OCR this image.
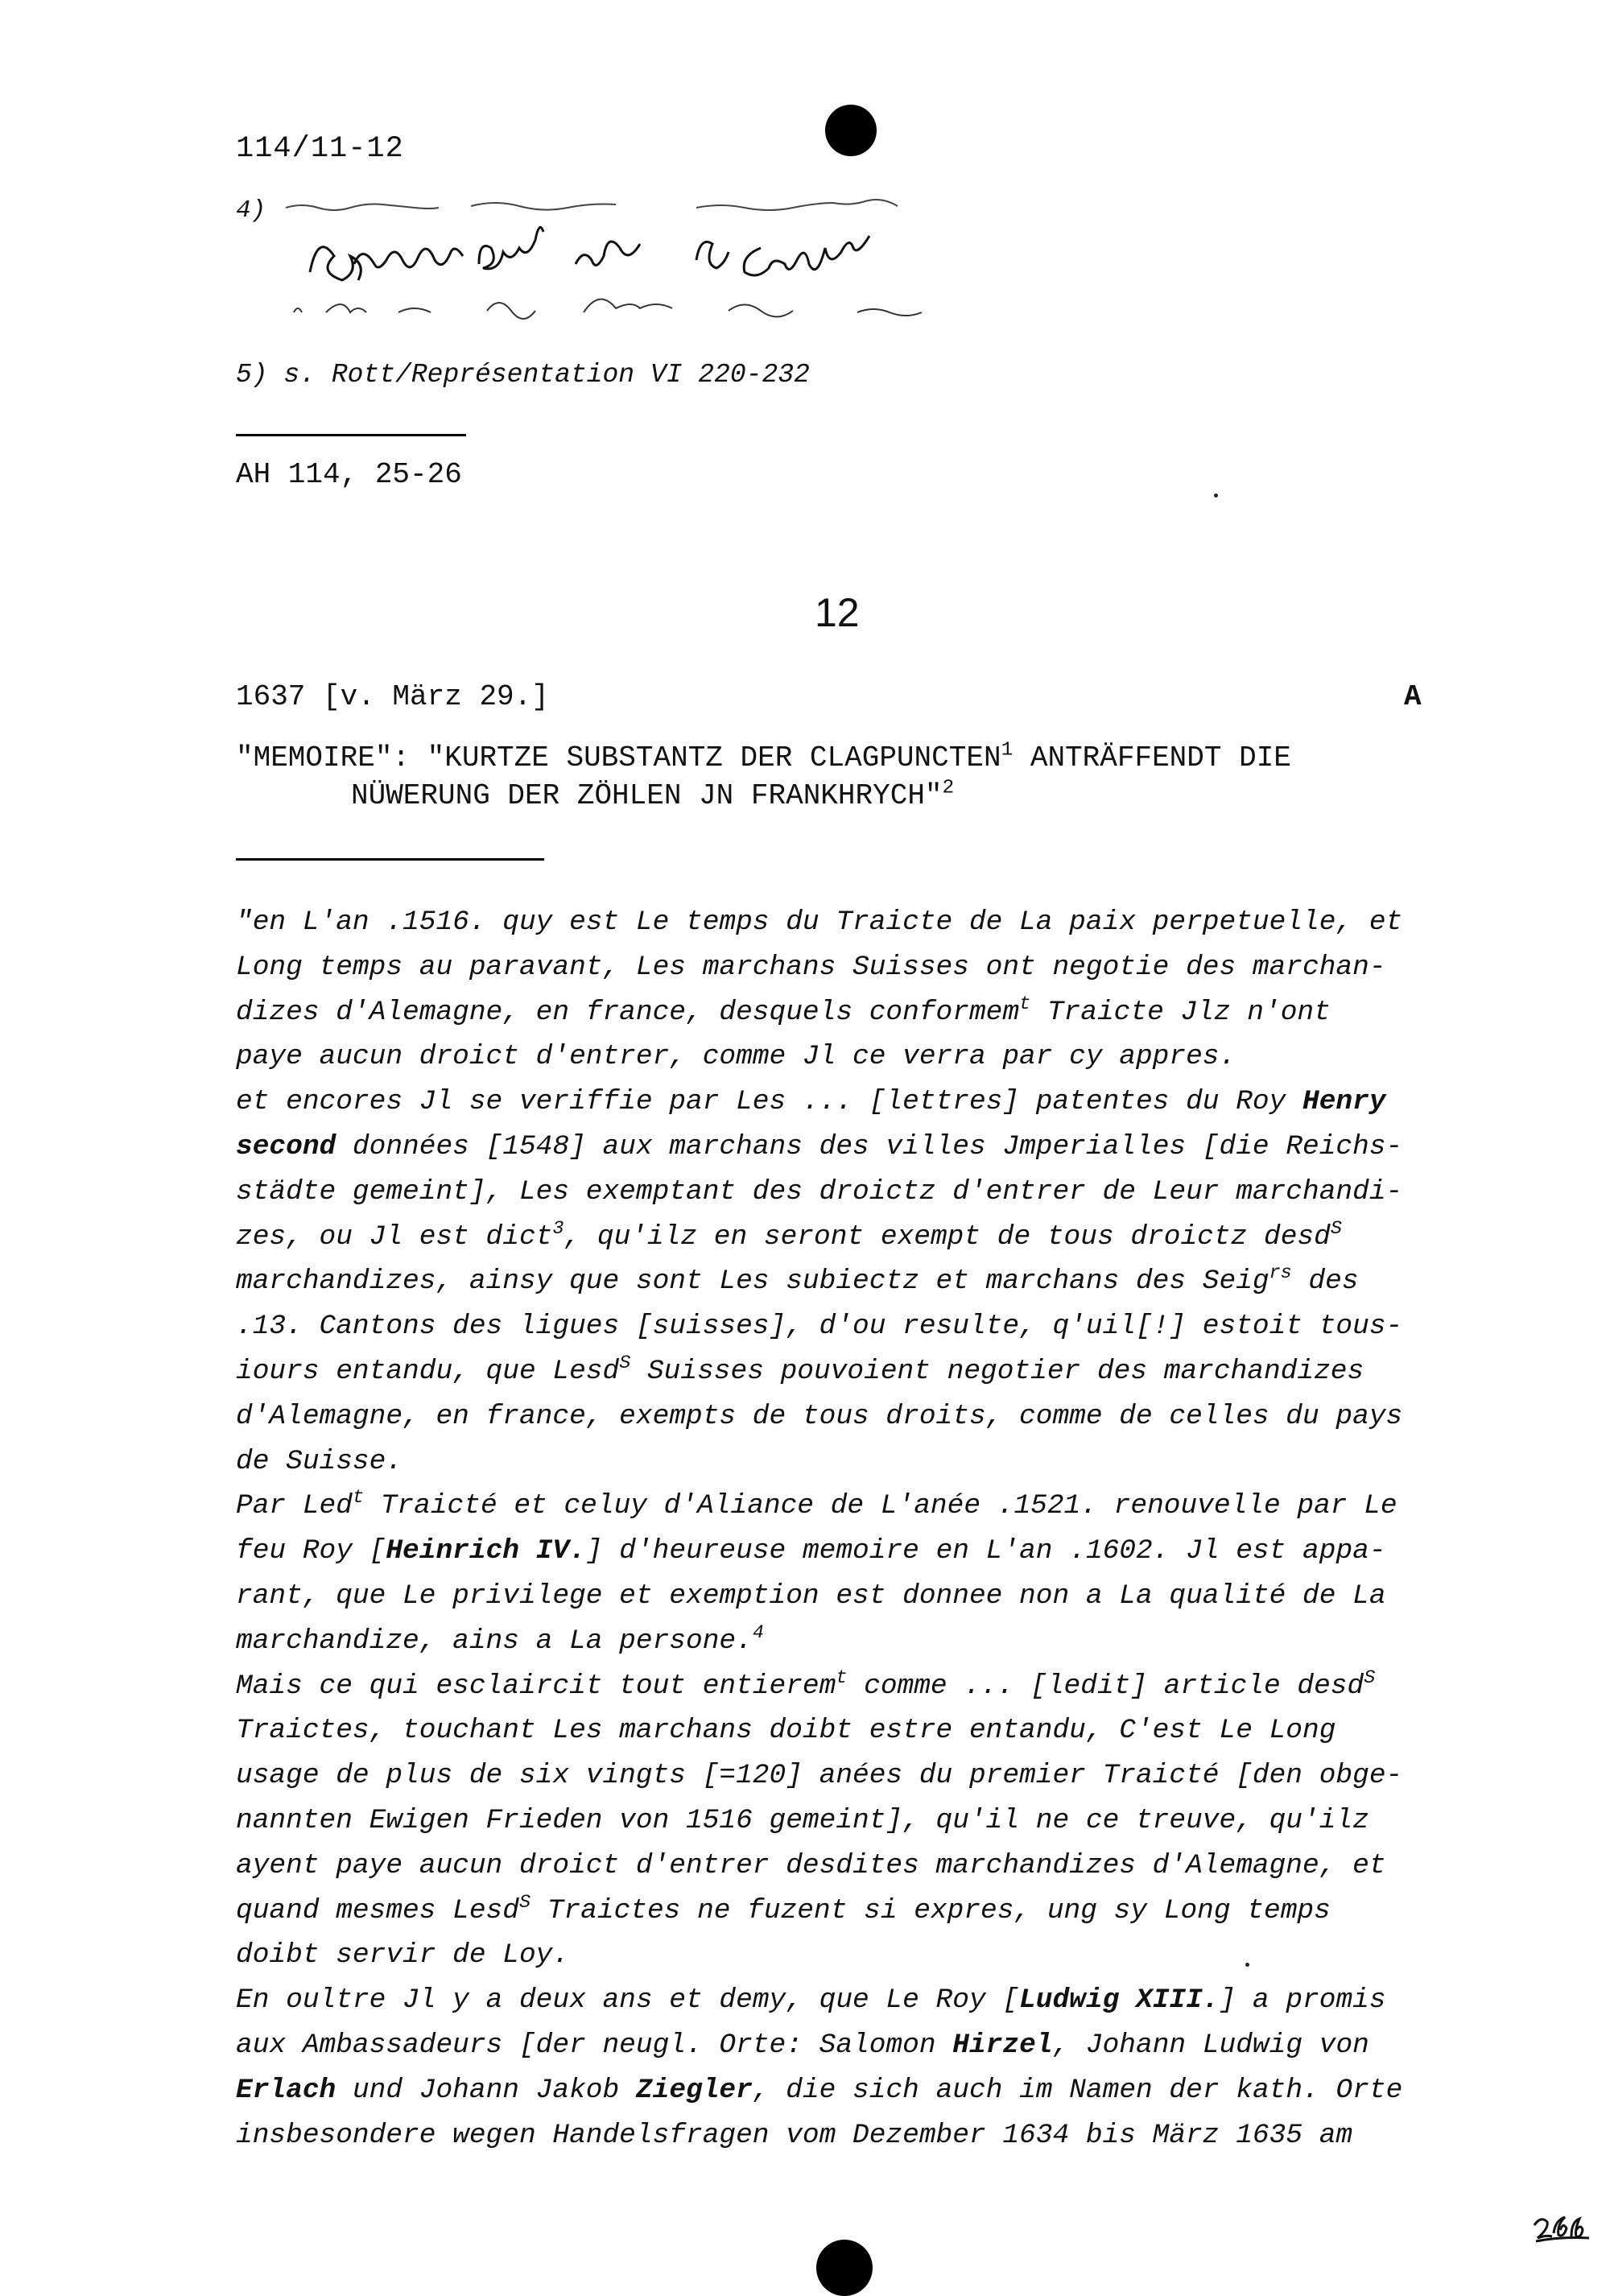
114/11-12
4)
5) s. Rott/Représentation VI 220-232
AH 114, 25-26
12
1637 [v. März 29.]	A
"MEMOIRE": "KURTZE SUBSTANTZ DER CLAGPUNCTEN$^1$ ANTRÄFFENDT DIE
NÜWERUNG DER ZÖHLEN JN FRANKHRYCH"$^2$
"en L'an .1516. quy est Le temps du Traicte de La paix perpetuelle, et
Long temps au paravant, Les marchans Suisses ont negotie des marchan-
dizes d'Alemagne, en france, desquels conformem$^t$ Traicte Jlz n'ont
paye aucun droict d'entrer, comme Jl ce verra par cy appres.
et encores Jl se veriffie par Les ... [lettres] patentes du Roy Henry
second données [1548] aux marchans des villes Jmperialles [die Reichs-
städte gemeint], Les exemptant des droictz d'entrer de Leur marchandi-
zes, ou Jl est dict$^3$, qu'ilz en seront exempt de tous droictz desd$^S$
marchandizes, ainsy que sont Les subiectz et marchans des Seig$^{rs}$ des
.13. Cantons des ligues [suisses], d'ou resulte, q'uil[!] estoit tous-
iours entandu, que Lesd$^S$ Suisses pouvoient negotier des marchandizes
d'Alemagne, en france, exempts de tous droits, comme de celles du pays
de Suisse.
Par Led$^t$ Traicté et celuy d'Aliance de L'anée .1521. renouvelle par Le
feu Roy [Heinrich IV.] d'heureuse memoire en L'an .1602. Jl est appa-
rant, que Le privilege et exemption est donnee non a La qualité de La
marchandize, ains a La persone.$^4$
Mais ce qui esclaircit tout entierem$^t$ comme ... [ledit] article desd$^S$
Traictes, touchant Les marchans doibt estre entandu, C'est Le Long
usage de plus de six vingts [=120] anées du premier Traicté [den obge-
nannten Ewigen Frieden von 1516 gemeint], qu'il ne ce treuve, qu'ilz
ayent paye aucun droict d'entrer desdites marchandizes d'Alemagne, et
quand mesmes Lesd$^S$ Traictes ne fuzent si expres, ung sy Long temps
doibt servir de Loy.
En oultre Jl y a deux ans et demy, que Le Roy [Ludwig XIII.] a promis
aux Ambassadeurs [der neugl. Orte: Salomon Hirzel, Johann Ludwig von
Erlach und Johann Jakob Ziegler, die sich auch im Namen der kath. Orte
insbesondere wegen Handelsfragen vom Dezember 1634 bis März 1635 am
